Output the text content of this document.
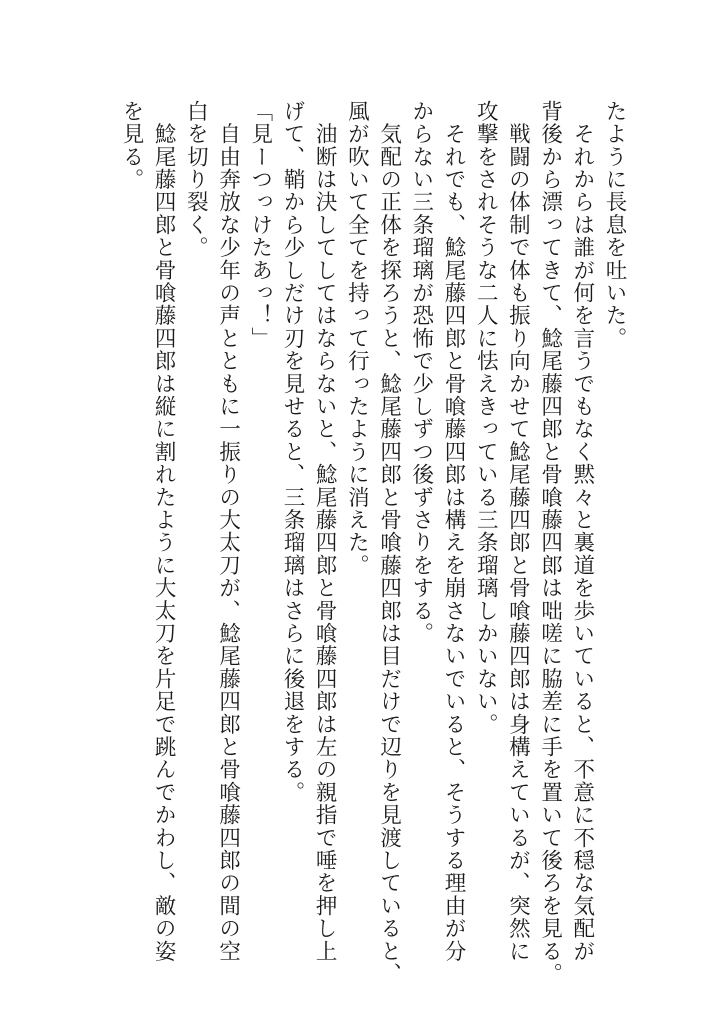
たように長息を吐いた。
　それからは誰が何を言うでもなく黙々と裏道を歩いていると、不意に不穏な気配が
背後から漂ってきて、鯰尾藤四郎と骨喰藤四郎は咄嗟に脇差に手を置いて後ろを見る。
　戦闘の体制で体も振り向かせて鯰尾藤四郎と骨喰藤四郎は身構えているが、突然に
攻撃をされそうな二人に怯えきっている三条瑠璃しかいない。
　それでも、鯰尾藤四郎と骨喰藤四郎は構えを崩さないでいると、そうする理由が分
からない三条瑠璃が恐怖で少しずつ後ずさりをする。
　気配の正体を探ろうと、鯰尾藤四郎と骨喰藤四郎は目だけで辺りを見渡していると、
風が吹いて全てを持って行ったように消えた。
　油断は決してしてはならないと、鯰尾藤四郎と骨喰藤四郎は左の親指で唾を押し上
げて、鞘から少しだけ刃を見せると、三条瑠璃はさらに後退をする。
「見ーつっけたあっ！」
　自由奔放な少年の声とともに一振りの大太刀が、鯰尾藤四郎と骨喰藤四郎の間の空
白を切り裂く。
　鯰尾藤四郎と骨喰藤四郎は縦に割れたように大太刀を片足で跳んでかわし、敵の姿
を見る。
